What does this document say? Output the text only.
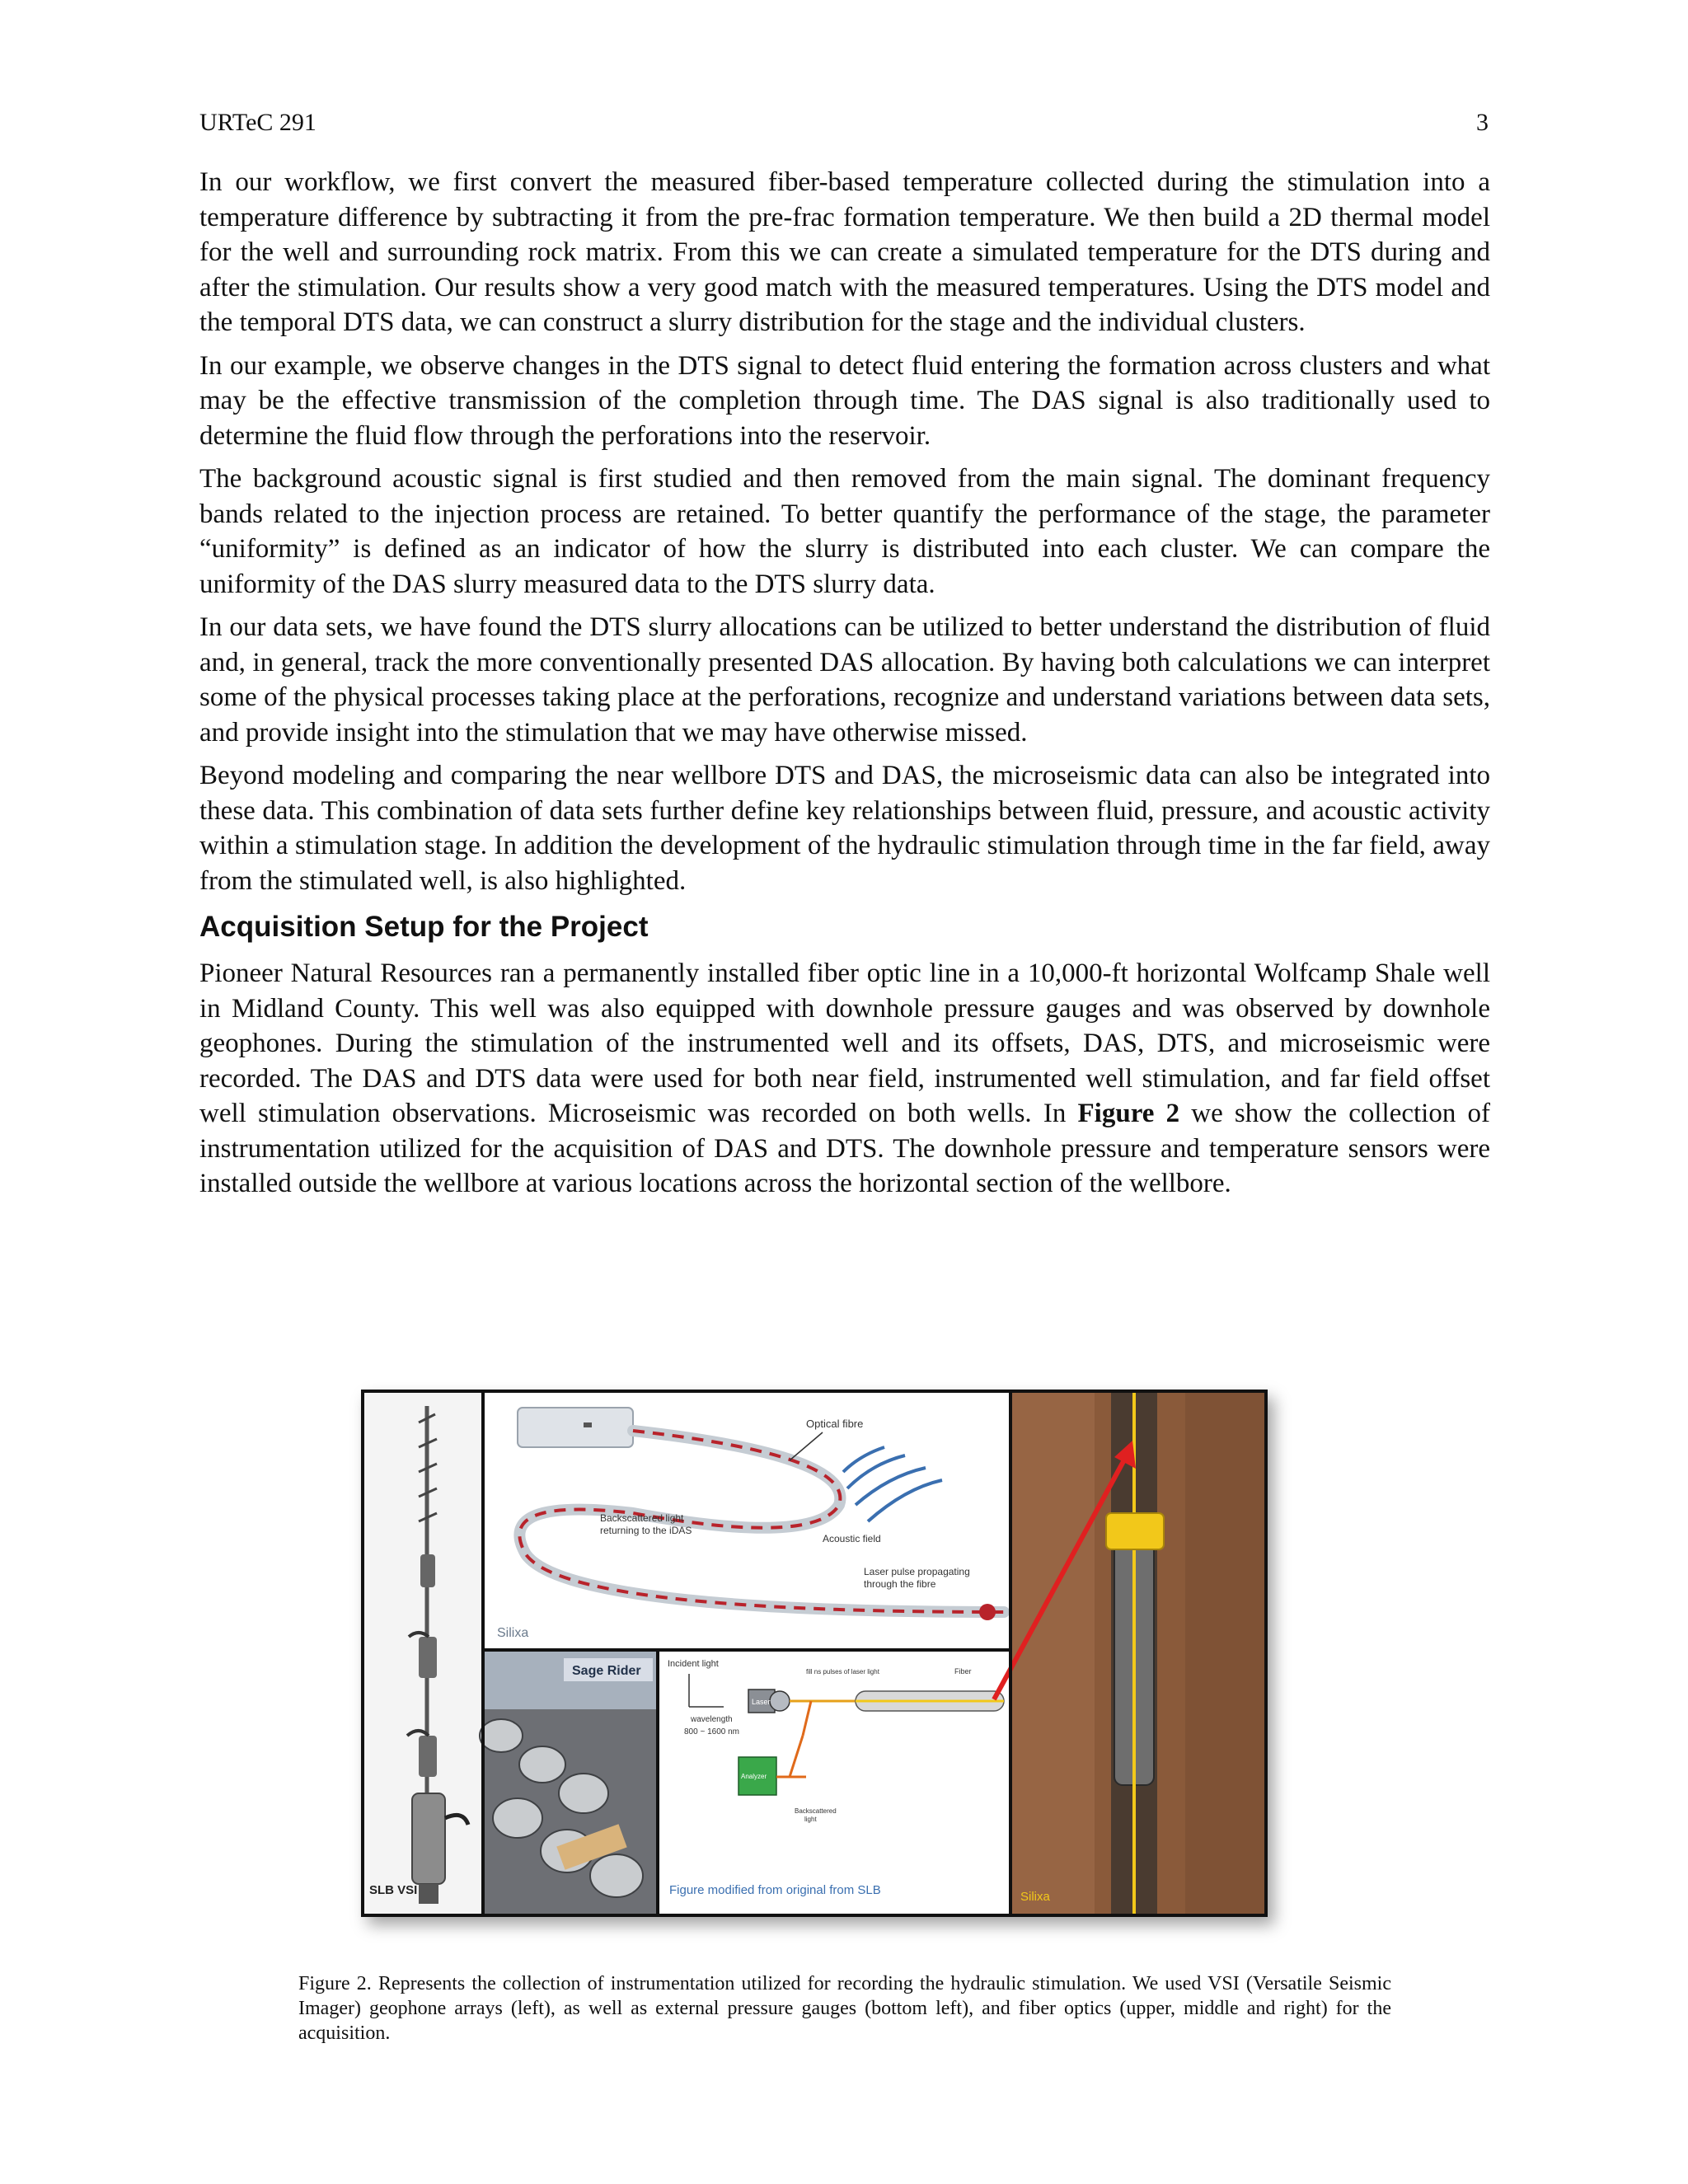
URTeC 291	3

In our workflow, we first convert the measured fiber-based temperature collected during the stimulation into a temperature difference by subtracting it from the pre-frac formation temperature. We then build a 2D thermal model for the well and surrounding rock matrix. From this we can create a simulated temperature for the DTS during and after the stimulation. Our results show a very good match with the measured temperatures. Using the DTS model and the temporal DTS data, we can construct a slurry distribution for the stage and the individual clusters.

In our example, we observe changes in the DTS signal to detect fluid entering the formation across clusters and what may be the effective transmission of the completion through time. The DAS signal is also traditionally used to determine the fluid flow through the perforations into the reservoir.

The background acoustic signal is first studied and then removed from the main signal. The dominant frequency bands related to the injection process are retained. To better quantify the performance of the stage, the parameter “uniformity” is defined as an indicator of how the slurry is distributed into each cluster. We can compare the uniformity of the DAS slurry measured data to the DTS slurry data.

In our data sets, we have found the DTS slurry allocations can be utilized to better understand the distribution of fluid and, in general, track the more conventionally presented DAS allocation. By having both calculations we can interpret some of the physical processes taking place at the perforations, recognize and understand variations between data sets, and provide insight into the stimulation that we may have otherwise missed.

Beyond modeling and comparing the near wellbore DTS and DAS, the microseismic data can also be integrated into these data. This combination of data sets further define key relationships between fluid, pressure, and acoustic activity within a stimulation stage. In addition the development of the hydraulic stimulation through time in the far field, away from the stimulated well, is also highlighted.

Acquisition Setup for the Project

Pioneer Natural Resources ran a permanently installed fiber optic line in a 10,000-ft horizontal Wolfcamp Shale well in Midland County. This well was also equipped with downhole pressure gauges and was observed by downhole geophones. During the stimulation of the instrumented well and its offsets, DAS, DTS, and microseismic were recorded. The DAS and DTS data were used for both near field, instrumented well stimulation, and far field offset well stimulation observations. Microseismic was recorded on both wells. In Figure 2 we show the collection of instrumentation utilized for the acquisition of DAS and DTS. The downhole pressure and temperature sensors were installed outside the wellbore at various locations across the horizontal section of the wellbore.

SLB VSI
Optical fibre
Backscattered light
returning to the iDAS
Acoustic field
Laser pulse propagating
through the fibre
Silixa
Sage Rider	Incident light
wavelength
800 ~ 1600 nm
Laser
fill ns pulses of laser light	Fiber
Analyzer
Backscattered
light
Figure modified from original from SLB	Silixa
Figure 2. Represents the collection of instrumentation utilized for recording the hydraulic stimulation. We used VSI (Versatile Seismic Imager) geophone arrays (left), as well as external pressure gauges (bottom left), and fiber optics (upper, middle and right) for the acquisition.
